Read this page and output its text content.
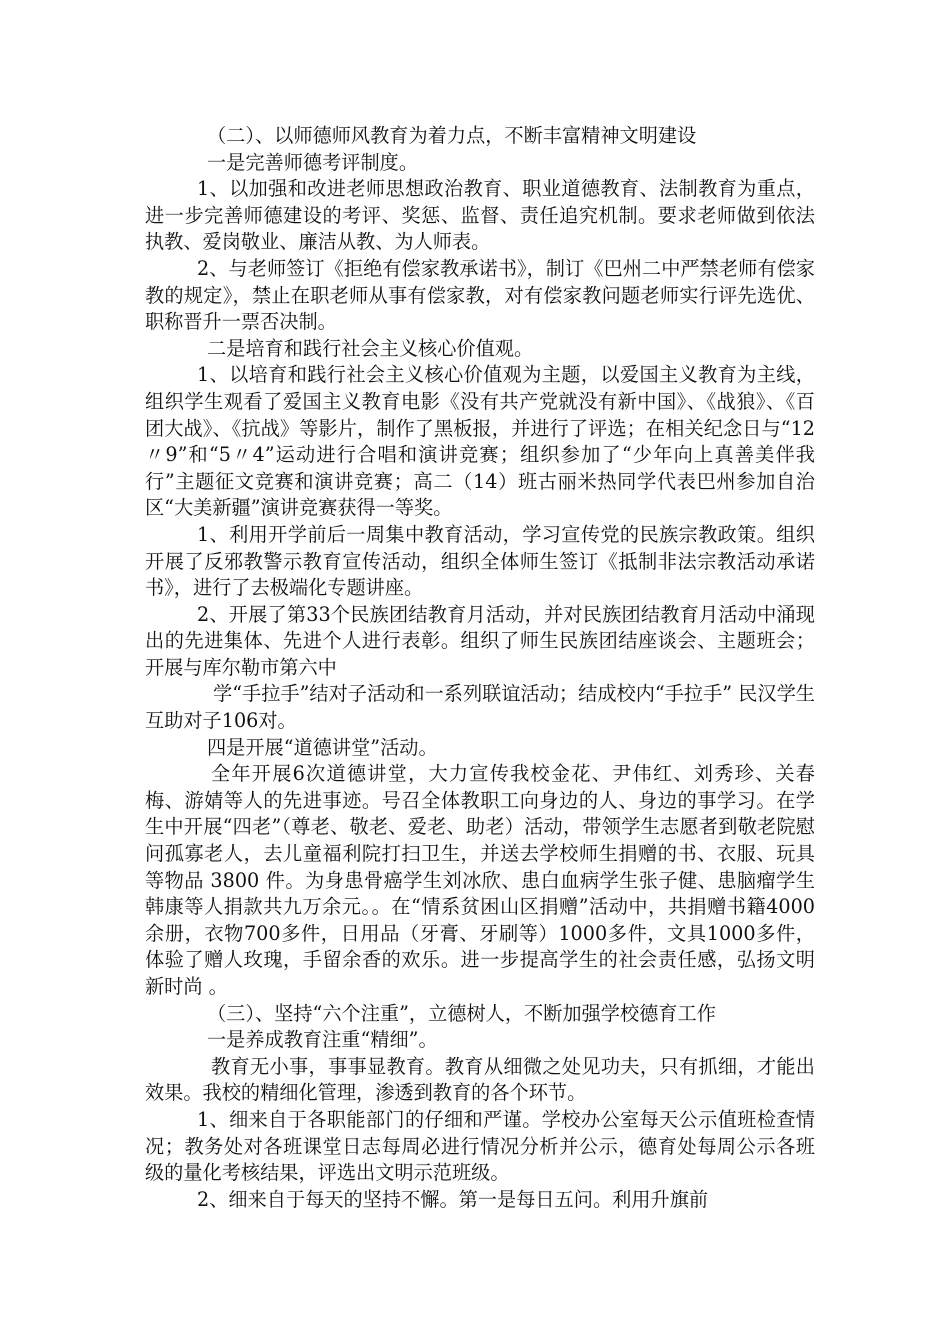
（二）、以师德师风教育为着力点，不断丰富精神文明建设

一是完善师德考评制度。

1、以加强和改进老师思想政治教育、职业道德教育、法制教育为重点，进一步完善师德建设的考评、奖惩、监督、责任追究机制。要求老师做到依法执教、爱岗敬业、廉洁从教、为人师表。

2、与老师签订《拒绝有偿家教承诺书》，制订《巴州二中严禁老师有偿家教的规定》，禁止在职老师从事有偿家教，对有偿家教问题老师实行评先选优、职称晋升一票否决制。

二是培育和践行社会主义核心价值观。

1、以培育和践行社会主义核心价值观为主题，以爱国主义教育为主线，组织学生观看了爱国主义教育电影《没有共产党就没有新中国》、《战狼》、《百团大战》、《抗战》等影片，制作了黑板报，并进行了评选；在相关纪念日与“12〃9”和“5〃4”运动进行合唱和演讲竞赛；组织参加了“少年向上真善美伴我行”主题征文竞赛和演讲竞赛；高二（14）班古丽米热同学代表巴州参加自治区“大美新疆”演讲竞赛获得一等奖。

1、利用开学前后一周集中教育活动，学习宣传党的民族宗教政策。组织开展了反邪教警示教育宣传活动，组织全体师生签订《抵制非法宗教活动承诺书》，进行了去极端化专题讲座。

2、开展了第33个民族团结教育月活动，并对民族团结教育月活动中涌现出的先进集体、先进个人进行表彰。组织了师生民族团结座谈会、主题班会；开展与库尔勒市第六中

学“手拉手”结对子活动和一系列联谊活动；结成校内“手拉手” 民汉学生互助对子106对。

四是开展“道德讲堂”活动。

全年开展6次道德讲堂，大力宣传我校金花、尹伟红、刘秀珍、关春梅、游婧等人的先进事迹。号召全体教职工向身边的人、身边的事学习。在学生中开展“四老”（尊老、敬老、爱老、助老）活动，带领学生志愿者到敬老院慰问孤寡老人，去儿童福利院打扫卫生，并送去学校师生捐赠的书、衣服、玩具等物品 3800 件。为身患骨癌学生刘冰欣、患白血病学生张子健、患脑瘤学生韩康等人捐款共九万余元。。在“情系贫困山区捐赠”活动中，共捐赠书籍4000余册，衣物700多件，日用品（牙膏、牙刷等）1000多件，文具1000多件，体验了赠人玫瑰，手留余香的欢乐。进一步提高学生的社会责任感，弘扬文明新时尚 。

（三）、坚持“六个注重”，立德树人，不断加强学校德育工作

一是养成教育注重“精细”。

教育无小事，事事显教育。教育从细微之处见功夫，只有抓细，才能出效果。我校的精细化管理，渗透到教育的各个环节。

1、细来自于各职能部门的仔细和严谨。学校办公室每天公示值班检查情况；教务处对各班课堂日志每周必进行情况分析并公示，德育处每周公示各班级的量化考核结果，评选出文明示范班级。

2、细来自于每天的坚持不懈。第一是每日五问。利用升旗前
